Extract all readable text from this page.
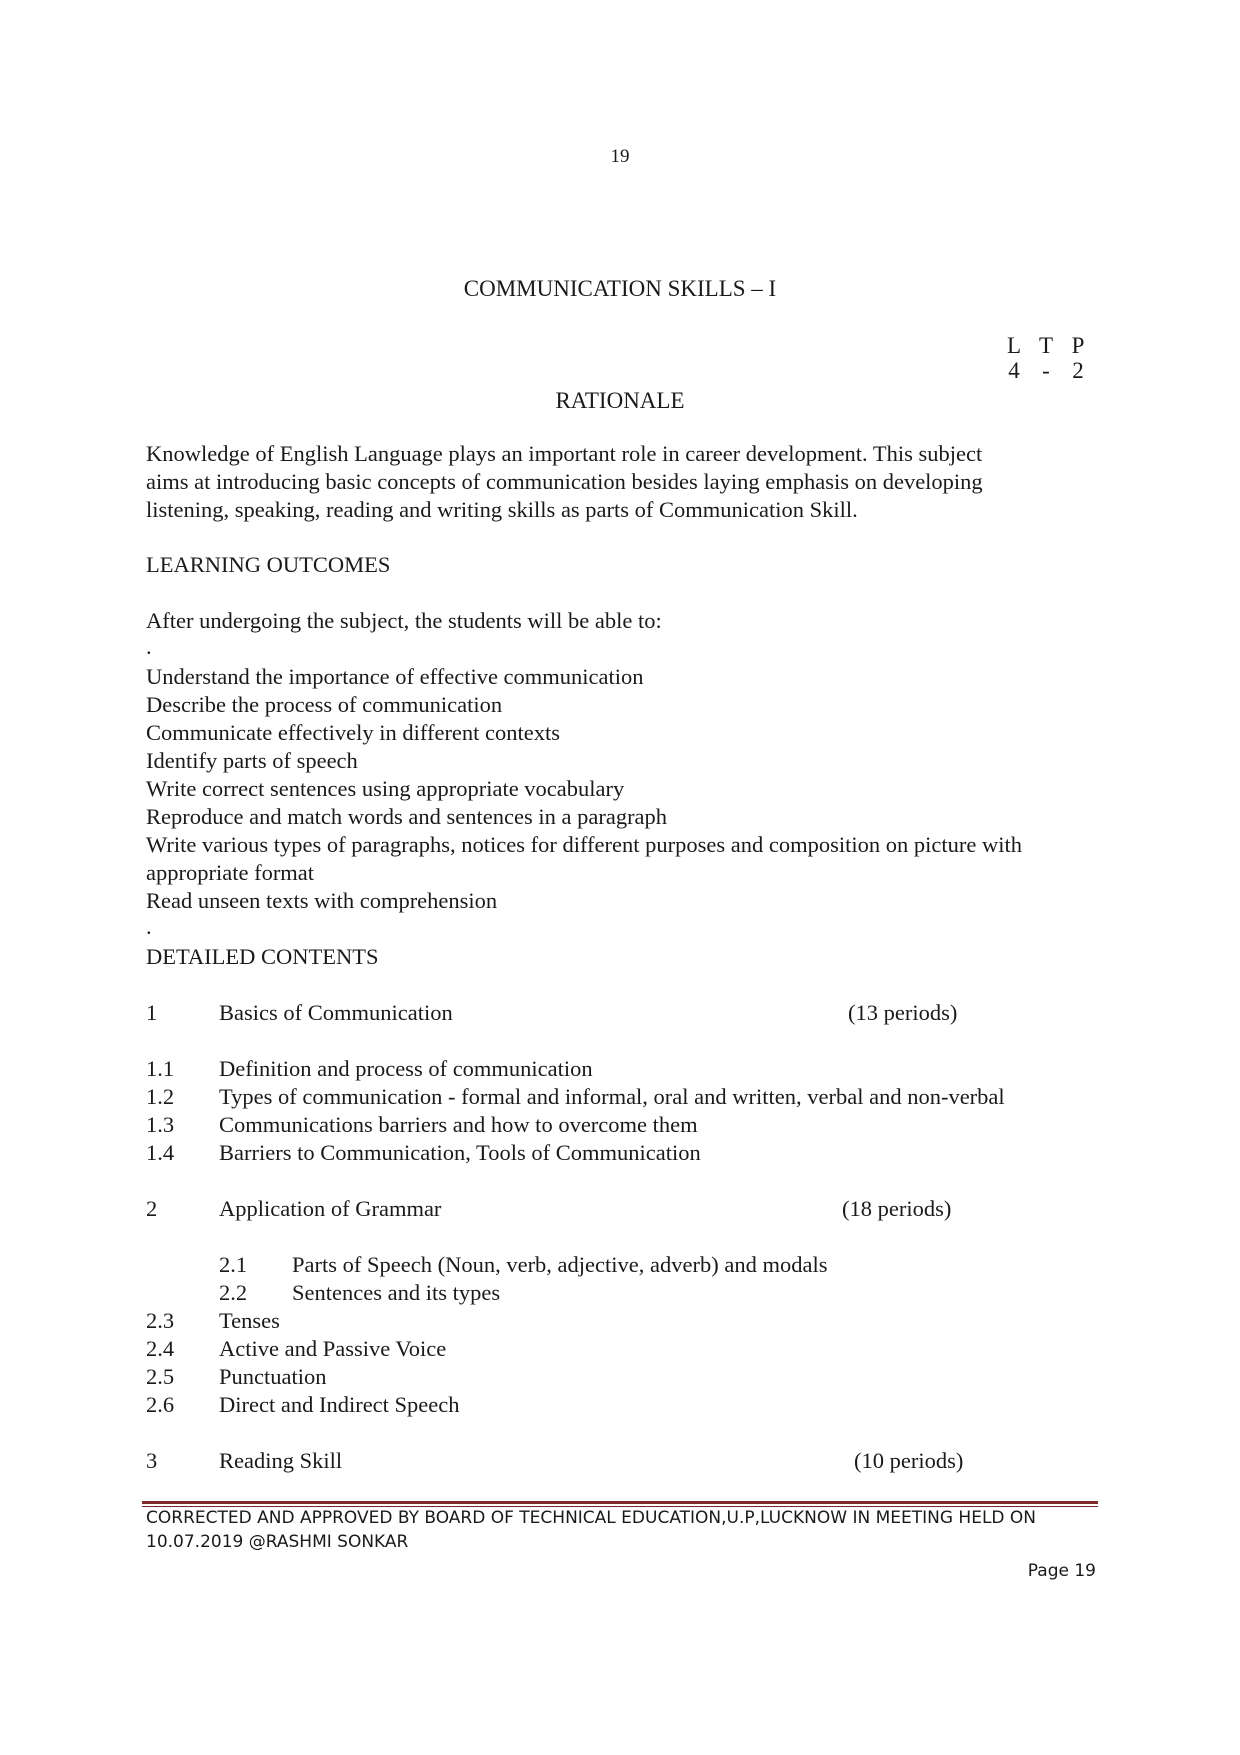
19
COMMUNICATION SKILLS – I
L T P
4 - 2
RATIONALE
Knowledge of English Language plays an important role in career development. This subject
aims at introducing basic concepts of communication besides laying emphasis on developing
listening, speaking, reading and writing skills as parts of Communication Skill.
LEARNING OUTCOMES
After undergoing the subject, the students will be able to:
.
Understand the importance of effective communication
Describe the process of communication
Communicate effectively in different contexts
Identify parts of speech
Write correct sentences using appropriate vocabulary
Reproduce and match words and sentences in a paragraph
Write various types of paragraphs, notices for different purposes and composition on picture with
appropriate format
Read unseen texts with comprehension
.
DETAILED CONTENTS
1	Basics of Communication	(13 periods)
1.1 Definition and process of communication
1.2 Types of communication - formal and informal, oral and written, verbal and non-verbal
1.3 Communications barriers and how to overcome them
1.4 Barriers to Communication, Tools of Communication
2	Application of Grammar	(18 periods)
2.1 Parts of Speech (Noun, verb, adjective, adverb) and modals
2.2 Sentences and its types
2.3 Tenses
2.4 Active and Passive Voice
2.5 Punctuation
2.6 Direct and Indirect Speech
3	Reading Skill	(10 periods)
CORRECTED AND APPROVED BY BOARD OF TECHNICAL EDUCATION,U.P,LUCKNOW IN MEETING HELD ON
10.07.2019 @RASHMI SONKAR
Page 19
